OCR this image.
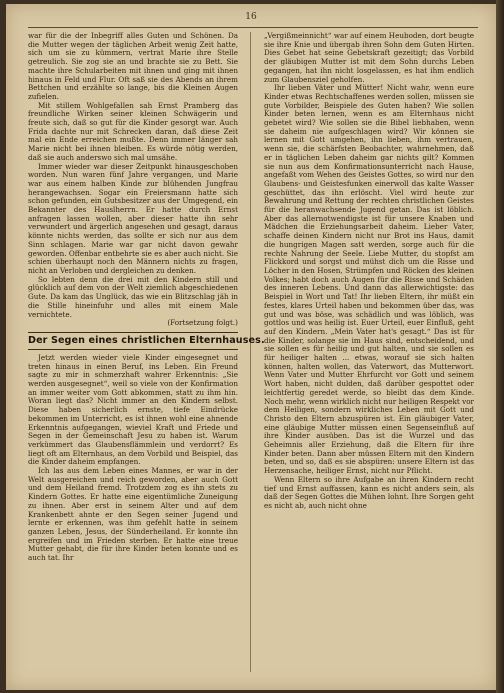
16

war für die der Inbegriff alles Guten und Schönen. Da die Mutter wegen der täglichen Arbeit wenig Zeit hatte, sich um sie zu kümmern, vertrat Marie ihre Stelle getreulich. Sie zog sie an und brachte sie zu Bett. Sie machte ihre Schularbeiten mit ihnen und ging mit ihnen hinaus in Feld und Flur. Oft saß sie des Abends an ihrem Bettchen und erzählte so lange, bis die Kleinen Augen zufielen.

Mit stillem Wohlgefallen sah Ernst Pramberg das freundliche Wirken seiner kleinen Schwägerin und freute sich, daß so gut für die Kinder gesorgt war. Auch Frida dachte nur mit Schrecken daran, daß diese Zeit mal ein Ende erreichen mußte. Denn immer länger sah Marie nicht bei ihnen bleiben. Es würde nötig werden, daß sie auch anderswo sich mal umsähe.

Immer wieder war dieser Zeitpunkt hinausgeschoben worden. Nun waren fünf Jahre vergangen, und Marie war aus einem halben Kinde zur blühenden Jungfrau herangewachsen. Sogar ein Freiersmann hatte sich schon gefunden, ein Gutsbesitzer aus der Umgegend, ein Bekannter des Hauslherrn. Er hatte durch Ernst anfragen lassen wollen, aber dieser hatte ihn sehr verwundert und ärgerlich angesehen und gesagt, daraus könnte nichts werden, das sollte er sich nur aus dem Sinn schlagen. Marie war gar nicht davon gewahr geworden. Offenbar entbehrte sie es aber auch nicht. Sie schien überhaupt noch den Männern nichts zu fragen, nicht an Verloben und dergleichen zu denken.

So lebten denn die drei mit den Kindern still und glücklich auf dem von der Welt ziemlich abgeschiedenen Gute. Da kam das Unglück, das wie ein Blitzschlag jäh in die Stille hineinfuhr und alles mit einem Male vernichtete.

(Fortsetzung folgt.)

Der Segen eines christlichen Elternhauses.

Jetzt werden wieder viele Kinder eingesegnet und treten hinaus in einen Beruf, ins Leben. Ein Freund sagte zu mir in schmerzhaft wahrer Erkenntnis: „Sie werden ausgesegnet“, weil so viele von der Konfirmation an immer weiter vom Gott abkommen, statt zu ihm hin. Woran liegt das? Nicht immer an den Kindern selbst. Diese haben sicherlich ernste, tiefe Eindrücke bekommen im Unterricht, es ist ihnen wohl eine ahnende Erkenntnis aufgegangen, wieviel Kraft und Friede und Segen in der Gemeinschaft Jesu zu haben ist. Warum verkümmert das Glaubensflämmlein und verdorrt? Es liegt oft am Elternhaus, an dem Vorbild und Beispiel, das die Kinder daheim empfangen.

Ich las aus dem Leben eines Mannes, er war in der Welt ausgereichen und reich geworden, aber auch Gott und dem Heiland fremd. Trotzdem zog es ihn stets zu Kindern Gottes. Er hatte eine eigentümliche Zuneigung zu ihnen. Aber erst in seinem Alter und auf dem Krankenbett ahnte er den Segen seiner Jugend und lernte er erkennen, was ihm gefehlt hatte in seinem ganzen Leben, Jesus, der Sünderheiland. Er konnte ihn ergreifen und im Frieden sterben. Er hatte eine treue Mutter gehabt, die für ihre Kinder beten konnte und es auch tat. Ihr

„Vergißmeinnicht“ war auf einem Heuboden, dort beugte sie ihre Knie und übergab ihren Sohn dem Guten Hirten. Dies Gebet hat seine Gebetskraft gezeitigt; das Vorbild der gläubigen Mutter ist mit dem Sohn durchs Leben gegangen, hat ihn nicht losgelassen, es hat ihm endlich zum Glaubensziel geholfen.

Ihr lieben Väter und Mütter! Nicht wahr, wenn eure Kinder etwas Rechtschaffenes werden sollen, müssen sie gute Vorbilder, Beispiele des Guten haben? Wie sollen Kinder beten lernen, wenn es am Elternhaus nicht gebetet wird? Wie sollen sie die Bibel liebhaben, wenn sie daheim nie aufgeschlagen wird? Wir können sie lernen mit Gott umgehen, ihn lieben, ihm vertrauen, wenn sie, die schärfsten Beobachter, wahrnehmen, daß er in täglichen Leben daheim gar nichts gilt? Kommen sie nun aus dem Konfirmationsunterricht nach Hause, angefaßt vom Wehen des Geistes Gottes, so wird nur den Glaubens- und Geistesfunken einerwoll das kalte Wasser geschüttet, das ihn erlöscht. Viel wird heute zur Bewahrung und Rettung der rechten christlichen Geistes für die heranwachsende Jugend getan. Das ist löblich. Aber das allernotwendigste ist für unsere Knaben und Mädchen die Erziehungsarbeit daheim. Lieber Vater, schaffe deinen Kindern nicht nur Brot ins Haus, damit die hungrigen Magen satt werden, sorge auch für die rechte Nahrung der Seele. Liebe Mutter, du stopfst am Flickkord und sorgst und mühst dich um die Risse und Löcher in den Hosen, Strümpfen und Röcken des kleinen Volkes; habt doch auch Augen für die Risse und Schäden des inneren Lebens. Und dann das allerwichtigste: das Beispiel in Wort und Tat! Ihr lieben Eltern, ihr müßt ein festes, klares Urteil haben und bekommen über das, was gut und was böse, was schädlich und was löblich, was gottlos und was heilig ist. Euer Urteil, euer Einfluß, geht auf den Kindern. „Mein Vater hat's gesagt.“ Das ist für die Kinder, solange sie im Haus sind, entscheidend, und sie sollen es für heilig und gut halten, und sie sollen es für heiliger halten ... etwas, worauf sie sich halten können, halten wollen, das Vaterwort, das Mutterwort. Wenn Vater und Mutter Ehrfurcht vor Gott und seinem Wort haben, nicht dulden, daß darüber gespottet oder leichtfertig geredet werde, so bleibt das dem Kinde. Noch mehr, wenn wirklich nicht nur heiligen Respekt vor dem Heiligen, sondern wirkliches Leben mit Gott und Christo den Eltern abzuspüren ist. Ein gläubiger Vater, eine gläubige Mutter müssen einen Segenseinfluß auf ihre Kinder ausüben. Das ist die Wurzel und das Geheimnis aller Erziehung, daß die Eltern für ihre Kinder beten. Dann aber müssen Eltern mit den Kindern beten, und so, daß es sie abspüren: unsere Eltern ist das Herzensache, heiliger Ernst, nicht nur Pflicht.

Wenn Eltern so ihre Aufgabe an ihren Kindern recht tief und Ernst auffassen, kann es nicht anders sein, als daß der Segen Gottes die Mühen lohnt. Ihre Sorgen geht es nicht ab, auch nicht ohne
